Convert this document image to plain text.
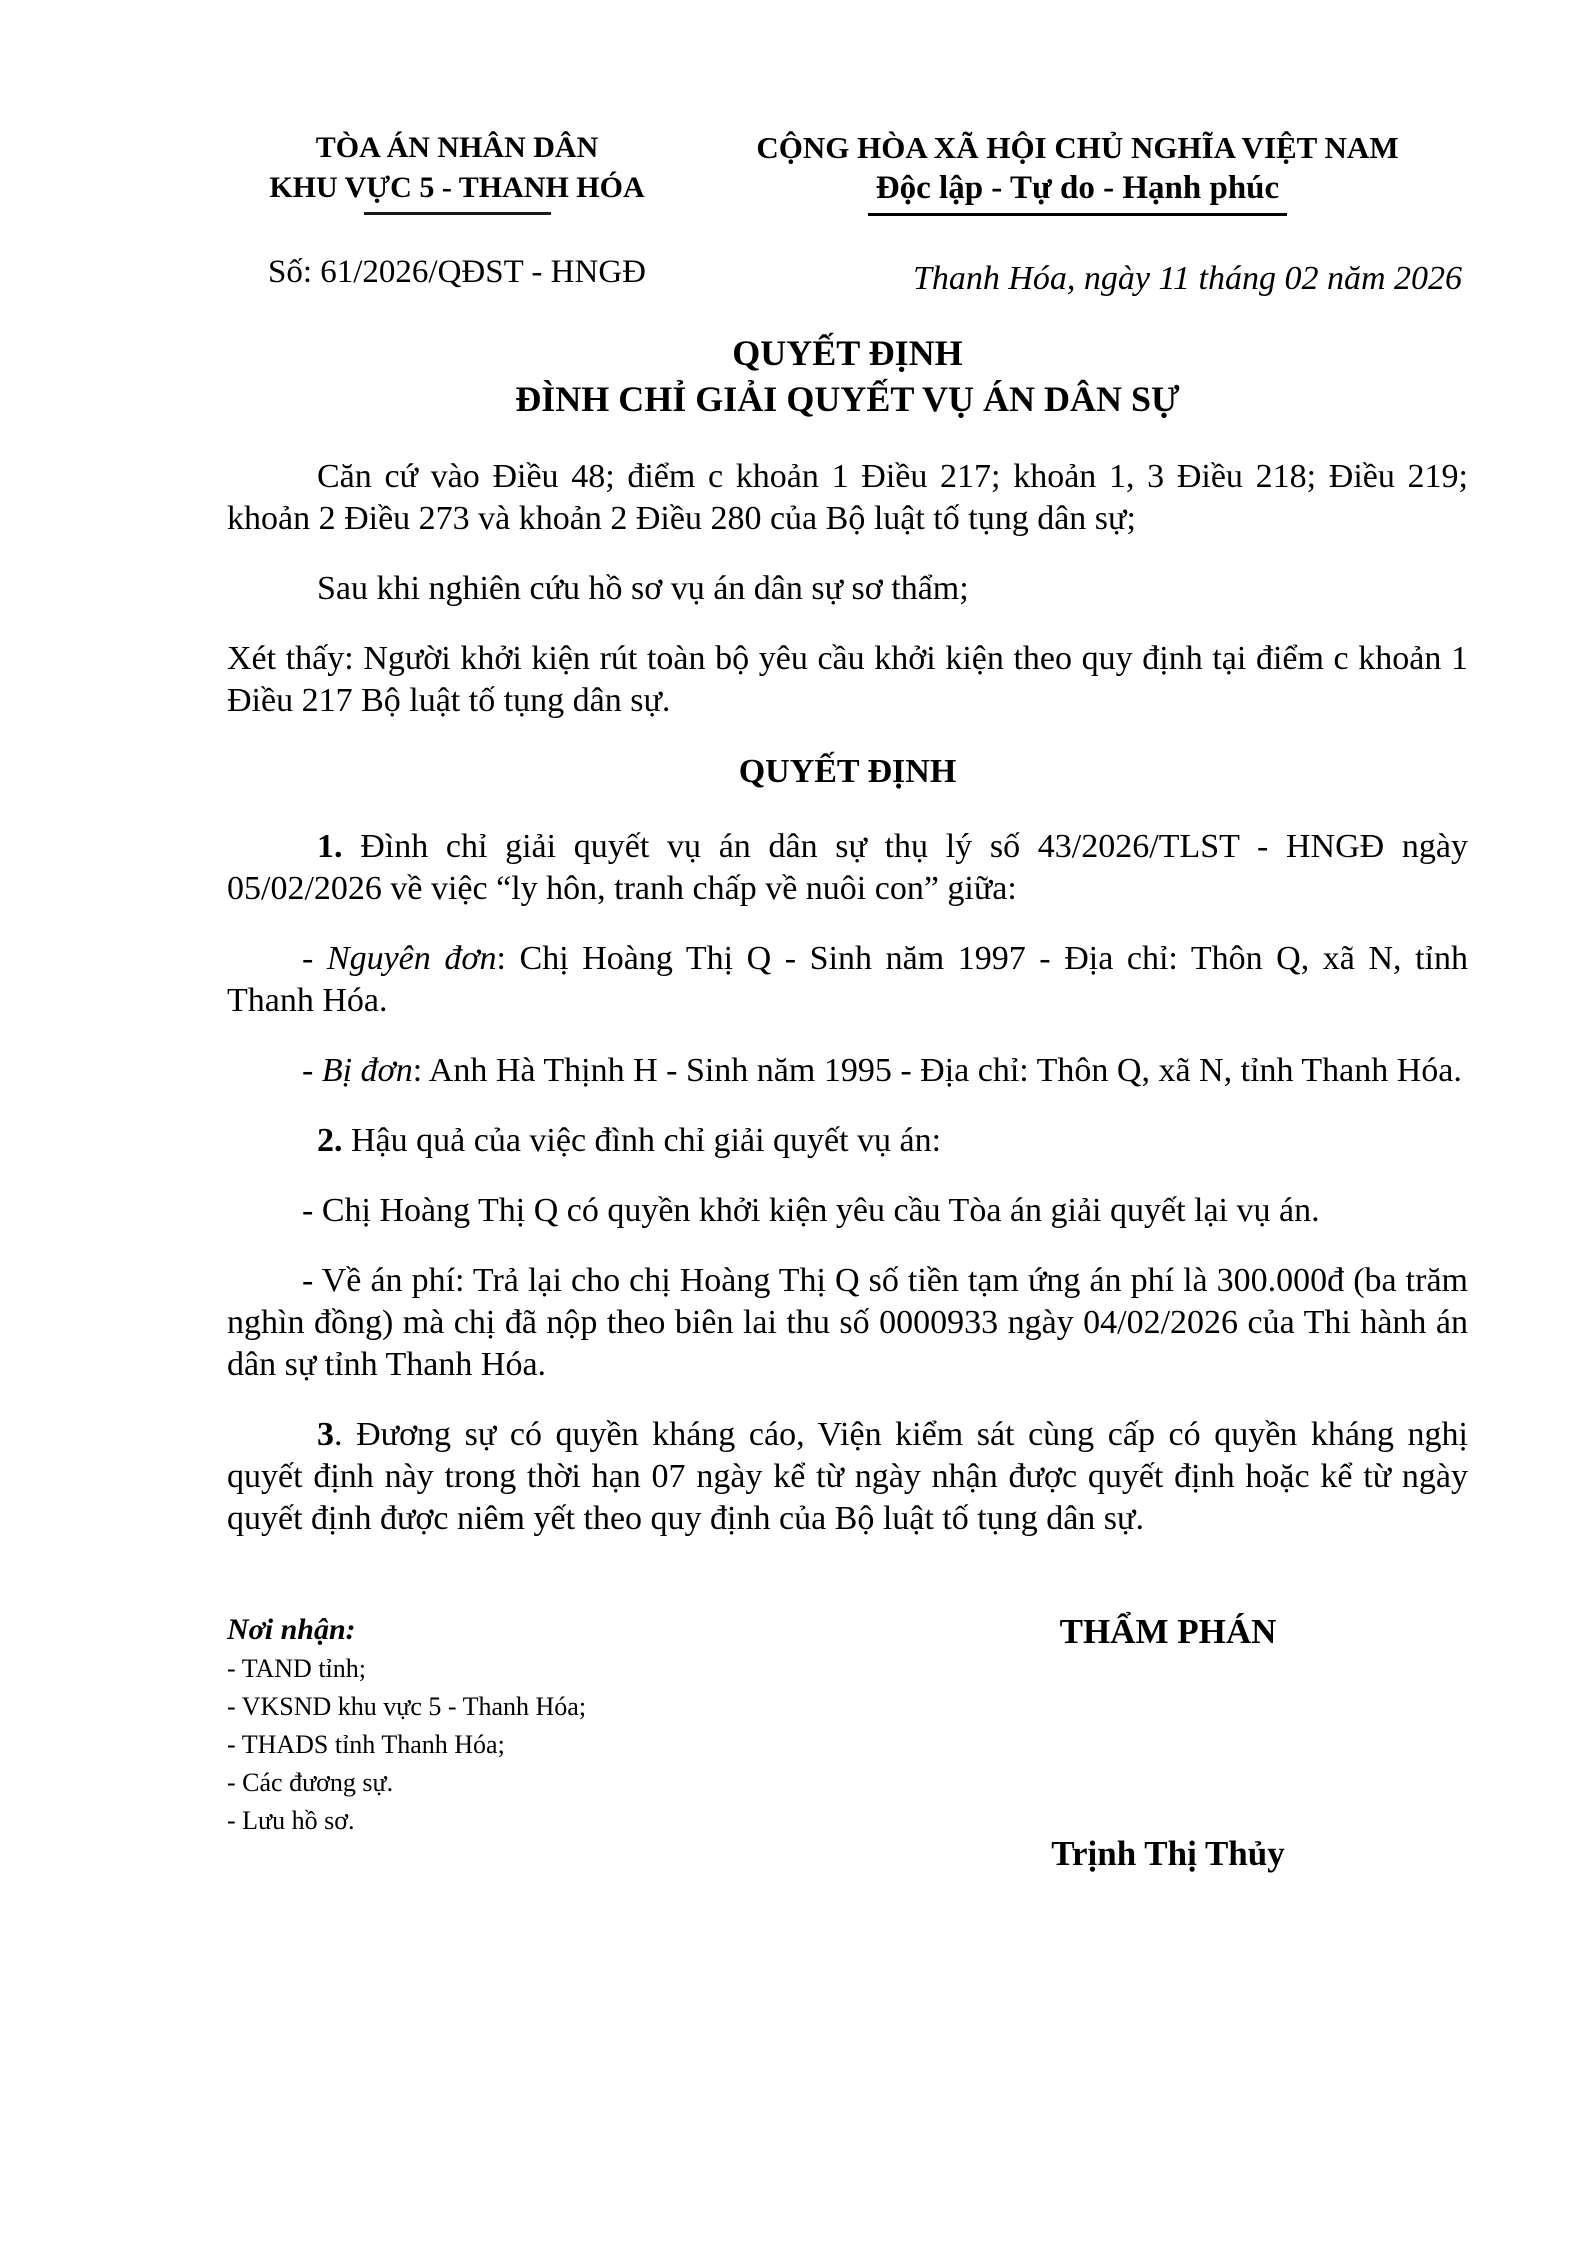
TÒA ÁN NHÂN DÂN
KHU VỰC 5 - THANH HÓA
Số: 61/2026/QĐST - HNGĐ
CỘNG HÒA XÃ HỘI CHỦ NGHĨA VIỆT NAM
Độc lập - Tự do - Hạnh phúc
Thanh Hóa, ngày 11 tháng 02 năm 2026
QUYẾT ĐỊNH
ĐÌNH CHỈ GIẢI QUYẾT VỤ ÁN DÂN SỰ

Căn cứ vào Điều 48; điểm c khoản 1 Điều 217; khoản 1, 3 Điều 218; Điều 219; khoản 2 Điều 273 và khoản 2 Điều 280 của Bộ luật tố tụng dân sự;

Sau khi nghiên cứu hồ sơ vụ án dân sự sơ thẩm;

Xét thấy: Người khởi kiện rút toàn bộ yêu cầu khởi kiện theo quy định tại điểm c khoản 1 Điều 217 Bộ luật tố tụng dân sự.

QUYẾT ĐỊNH

1. Đình chỉ giải quyết vụ án dân sự thụ lý số 43/2026/TLST - HNGĐ ngày 05/02/2026 về việc “ly hôn, tranh chấp về nuôi con” giữa:

- Nguyên đơn: Chị Hoàng Thị Q - Sinh năm 1997 - Địa chỉ: Thôn Q, xã N, tỉnh Thanh Hóa.

- Bị đơn: Anh Hà Thịnh H - Sinh năm 1995 - Địa chỉ: Thôn Q, xã N, tỉnh Thanh Hóa.

2. Hậu quả của việc đình chỉ giải quyết vụ án:

- Chị Hoàng Thị Q có quyền khởi kiện yêu cầu Tòa án giải quyết lại vụ án.

- Về án phí: Trả lại cho chị Hoàng Thị Q số tiền tạm ứng án phí là 300.000đ (ba trăm nghìn đồng) mà chị đã nộp theo biên lai thu số 0000933 ngày 04/02/2026 của Thi hành án dân sự tỉnh Thanh Hóa.

3. Đương sự có quyền kháng cáo, Viện kiểm sát cùng cấp có quyền kháng nghị quyết định này trong thời hạn 07 ngày kể từ ngày nhận được quyết định hoặc kể từ ngày quyết định được niêm yết theo quy định của Bộ luật tố tụng dân sự.

Nơi nhận:
- TAND tỉnh;
- VKSND khu vực 5 - Thanh Hóa;
- THADS tỉnh Thanh Hóa;
- Các đương sự.
- Lưu hồ sơ.
THẨM PHÁN
Trịnh Thị Thủy
